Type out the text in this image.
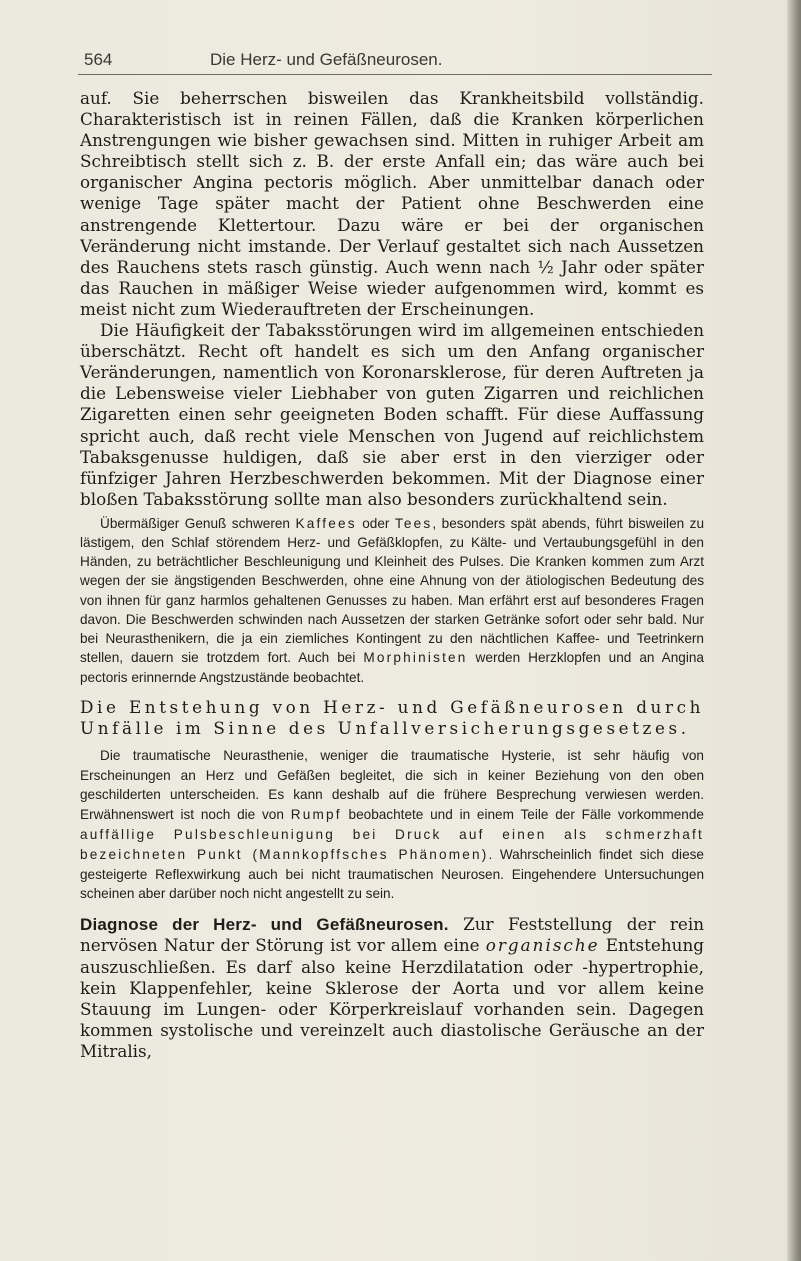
564	Die Herz- und Gefäßneurosen.

auf. Sie beherrschen bisweilen das Krankheitsbild vollständig. Charakteristisch ist in reinen Fällen, daß die Kranken körperlichen Anstrengungen wie bisher gewachsen sind. Mitten in ruhiger Arbeit am Schreibtisch stellt sich z. B. der erste Anfall ein; das wäre auch bei organischer Angina pectoris möglich. Aber unmittelbar danach oder wenige Tage später macht der Patient ohne Beschwerden eine anstrengende Klettertour. Dazu wäre er bei der organischen Veränderung nicht imstande. Der Verlauf gestaltet sich nach Aussetzen des Rauchens stets rasch günstig. Auch wenn nach ½ Jahr oder später das Rauchen in mäßiger Weise wieder aufgenommen wird, kommt es meist nicht zum Wiederauftreten der Erscheinungen.

Die Häufigkeit der Tabaksstörungen wird im allgemeinen entschieden überschätzt. Recht oft handelt es sich um den Anfang organischer Veränderungen, namentlich von Koronarsklerose, für deren Auftreten ja die Lebensweise vieler Liebhaber von guten Zigarren und reichlichen Zigaretten einen sehr geeigneten Boden schafft. Für diese Auffassung spricht auch, daß recht viele Menschen von Jugend auf reichlichstem Tabaksgenusse huldigen, daß sie aber erst in den vierziger oder fünfziger Jahren Herzbeschwerden bekommen. Mit der Diagnose einer bloßen Tabaksstörung sollte man also besonders zurückhaltend sein.

Übermäßiger Genuß schweren Kaffees oder Tees, besonders spät abends, führt bisweilen zu lästigem, den Schlaf störendem Herz- und Gefäßklopfen, zu Kälte- und Vertaubungsgefühl in den Händen, zu beträchtlicher Beschleunigung und Kleinheit des Pulses. Die Kranken kommen zum Arzt wegen der sie ängstigenden Beschwerden, ohne eine Ahnung von der ätiologischen Bedeutung des von ihnen für ganz harmlos gehaltenen Genusses zu haben. Man erfährt erst auf besonderes Fragen davon. Die Beschwerden schwinden nach Aussetzen der starken Getränke sofort oder sehr bald. Nur bei Neurasthenikern, die ja ein ziemliches Kontingent zu den nächtlichen Kaffee- und Teetrinkern stellen, dauern sie trotzdem fort. Auch bei Morphinisten werden Herzklopfen und an Angina pectoris erinnernde Angstzustände beobachtet.

Die Entstehung von Herz- und Gefäßneurosen durch Unfälle im Sinne des Unfallversicherungsgesetzes.

Die traumatische Neurasthenie, weniger die traumatische Hysterie, ist sehr häufig von Erscheinungen an Herz und Gefäßen begleitet, die sich in keiner Beziehung von den oben geschilderten unterscheiden. Es kann deshalb auf die frühere Besprechung verwiesen werden. Erwähnenswert ist noch die von Rumpf beobachtete und in einem Teile der Fälle vorkommende auffällige Pulsbeschleunigung bei Druck auf einen als schmerzhaft bezeichneten Punkt (Mannkopffsches Phänomen). Wahrscheinlich findet sich diese gesteigerte Reflexwirkung auch bei nicht traumatischen Neurosen. Eingehendere Untersuchungen scheinen aber darüber noch nicht angestellt zu sein.

Diagnose der Herz- und Gefäßneurosen. Zur Feststellung der rein nervösen Natur der Störung ist vor allem eine organische Entstehung auszuschließen. Es darf also keine Herzdilatation oder -hypertrophie, kein Klappenfehler, keine Sklerose der Aorta und vor allem keine Stauung im Lungen- oder Körperkreislauf vorhanden sein. Dagegen kommen systolische und vereinzelt auch diastolische Geräusche an der Mitralis,
